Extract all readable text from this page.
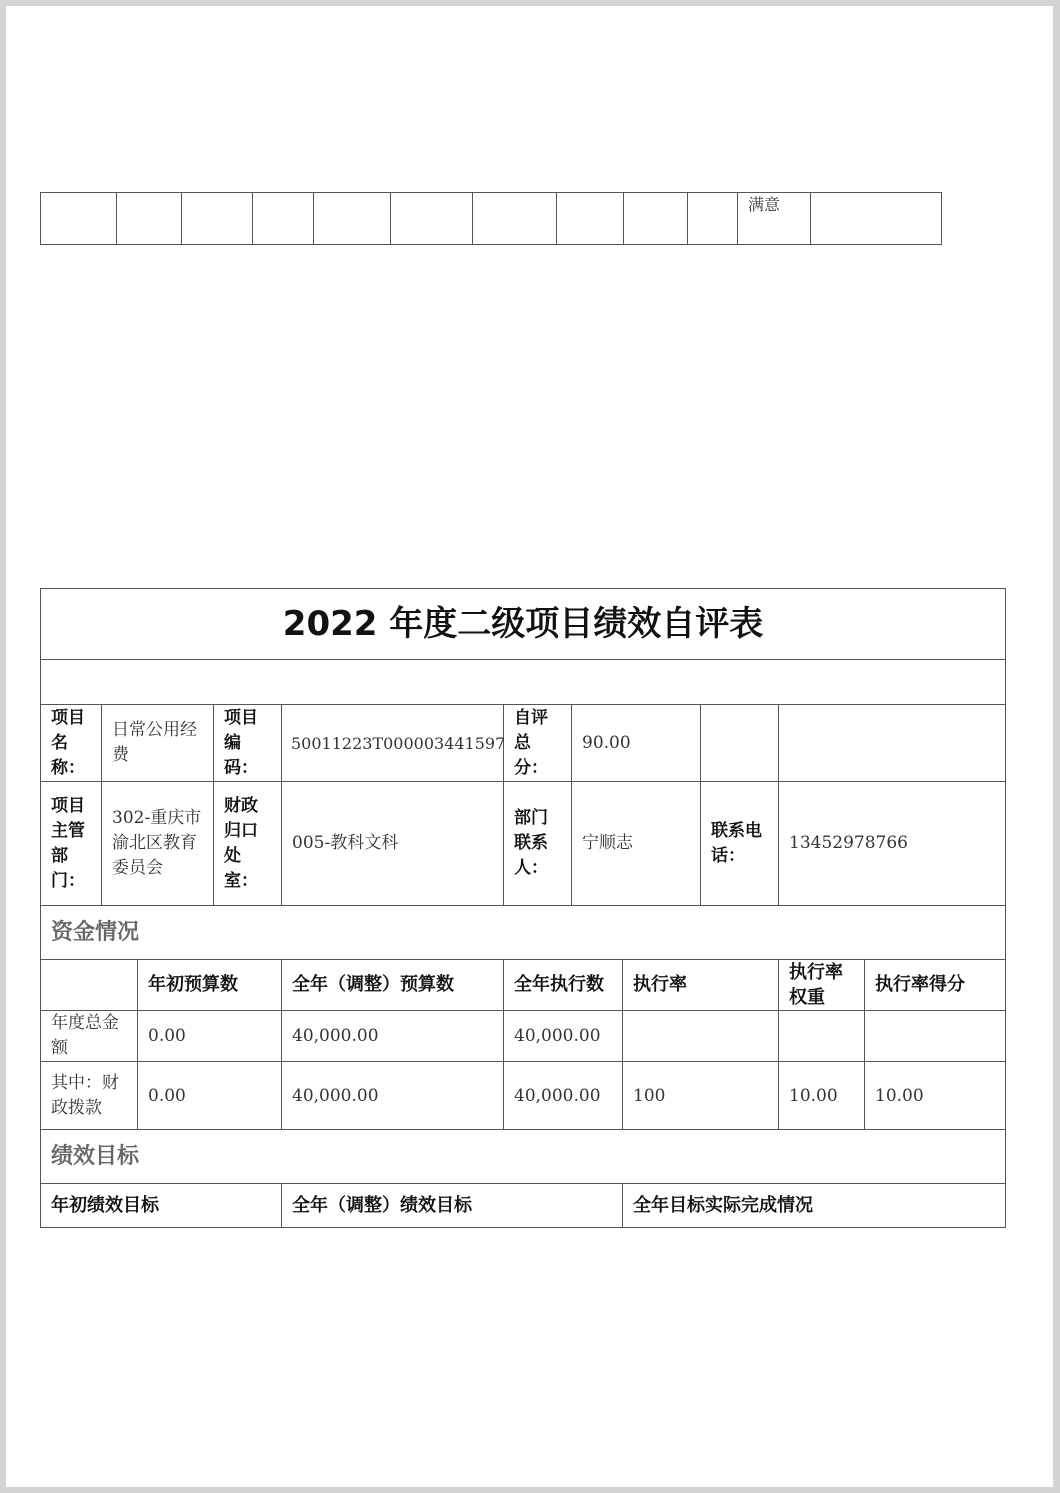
										满意	
2022 年度二级项目绩效自评表										

项目名称：	日常公用经费		项目编码：	50011223T000003441597	自评总分：	90.00				
项目主管部门：	302-重庆市渝北区教育委员会		财政归口处室：	005-教科文科	部门联系人：	宁顺志		联系电话：	13452978766	
资金情况										
		年初预算数		全年（调整）预算数	全年执行数		执行率		执行率权重	执行率得分
年度总金额		0.00		40,000.00	40,000.00					
其中：财政拨款		0.00		40,000.00	40,000.00		100		10.00	10.00
绩效目标										
年初绩效目标				全年（调整）绩效目标			全年目标实际完成情况			
